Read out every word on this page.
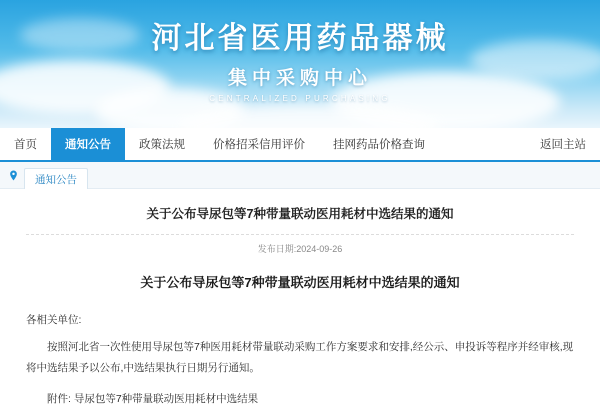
河北省医用药品器械
集中采购中心
CENTRALIZED PURCHASING
首页	通知公告	政策法规	价格招采信用评价	挂网药品价格查询	返回主站
通知公告
关于公布导尿包等7种带量联动医用耗材中选结果的通知
发布日期:2024-09-26
关于公布导尿包等7种带量联动医用耗材中选结果的通知

各相关单位:

按照河北省一次性使用导尿包等7种医用耗材带量联动采购工作方案要求和安排,经公示、申投诉等程序并经审核,现将中选结果予以公布,中选结果执行日期另行通知。

附件: 导尿包等7种带量联动医用耗材中选结果
